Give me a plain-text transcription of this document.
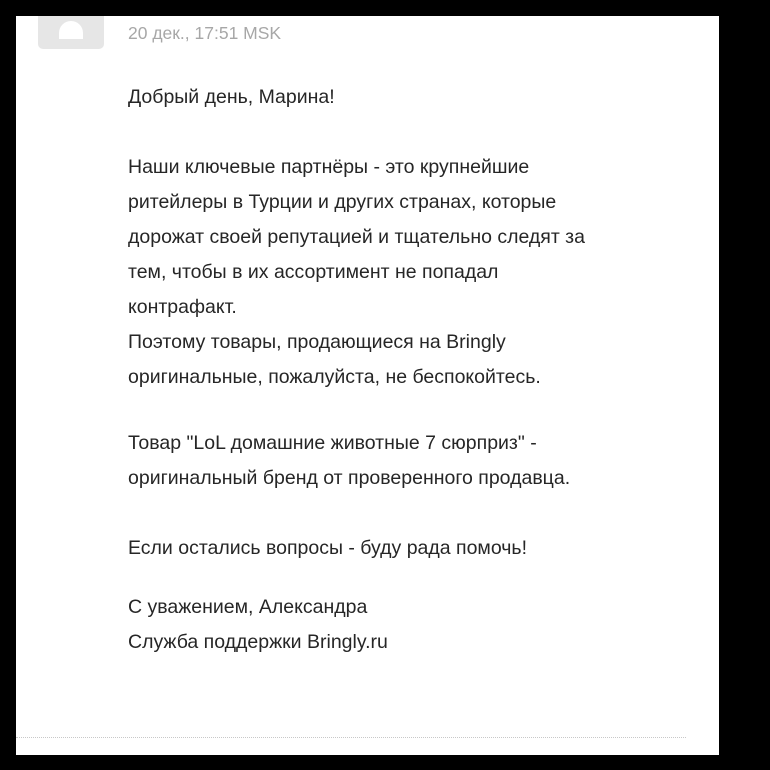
20 дек., 17:51 MSK

Добрый день, Марина!

Наши ключевые партнёры - это крупнейшие

ритейлеры в Турции и других странах, которые

дорожат своей репутацией и тщательно следят за

тем, чтобы в их ассортимент не попадал

контрафакт.

Поэтому товары, продающиеся на Bringly

оригинальные, пожалуйста, не беспокойтесь.

Товар "LoL домашние животные 7 сюрприз" -

оригинальный бренд от проверенного продавца.

Если остались вопросы - буду рада помочь!

С уважением, Александра

Служба поддержки Bringly.ru
